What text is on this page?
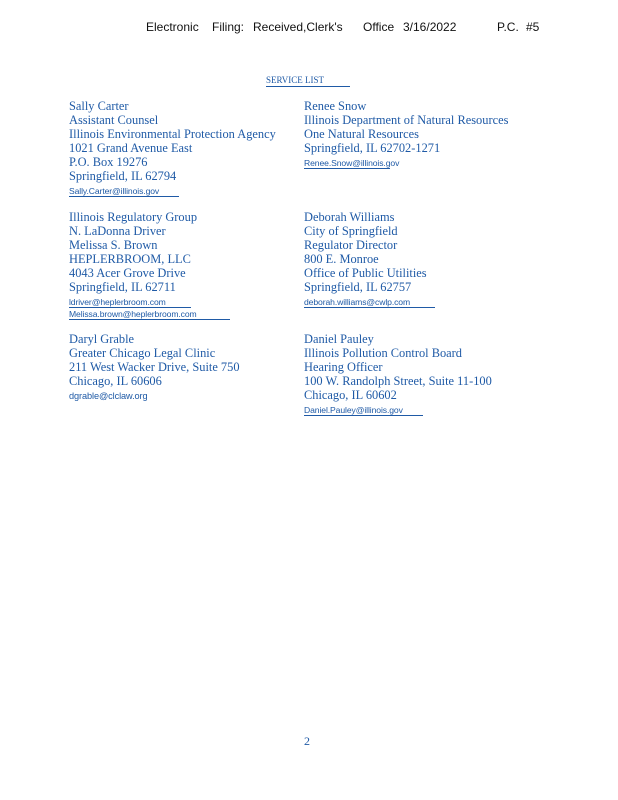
Electronic Filing: Received,Clerk's Office 3/16/2022	P.C. #5
SERVICE LIST
Sally Carter
Assistant Counsel
Illinois Environmental Protection Agency
1021 Grand Avenue East
P.O. Box 19276
Springfield, IL 62794
Sally.Carter@illinois.gov
Renee Snow
Illinois Department of Natural Resources
One Natural Resources
Springfield, IL 62702-1271
Renee.Snow@illinois.gov
Illinois Regulatory Group
N. LaDonna Driver
Melissa S. Brown
HEPLERBROOM, LLC
4043 Acer Grove Drive
Springfield, IL 62711
ldriver@heplerbroom.com
Melissa.brown@heplerbroom.com
Deborah Williams
City of Springfield
Regulator Director
800 E. Monroe
Office of Public Utilities
Springfield, IL 62757
deborah.williams@cwlp.com
Daryl Grable
Greater Chicago Legal Clinic
211 West Wacker Drive, Suite 750
Chicago, IL 60606
dgrable@clclaw.org
Daniel Pauley
Illinois Pollution Control Board
Hearing Officer
100 W. Randolph Street, Suite 11-100
Chicago, IL 60602
Daniel.Pauley@illinois.gov
2
